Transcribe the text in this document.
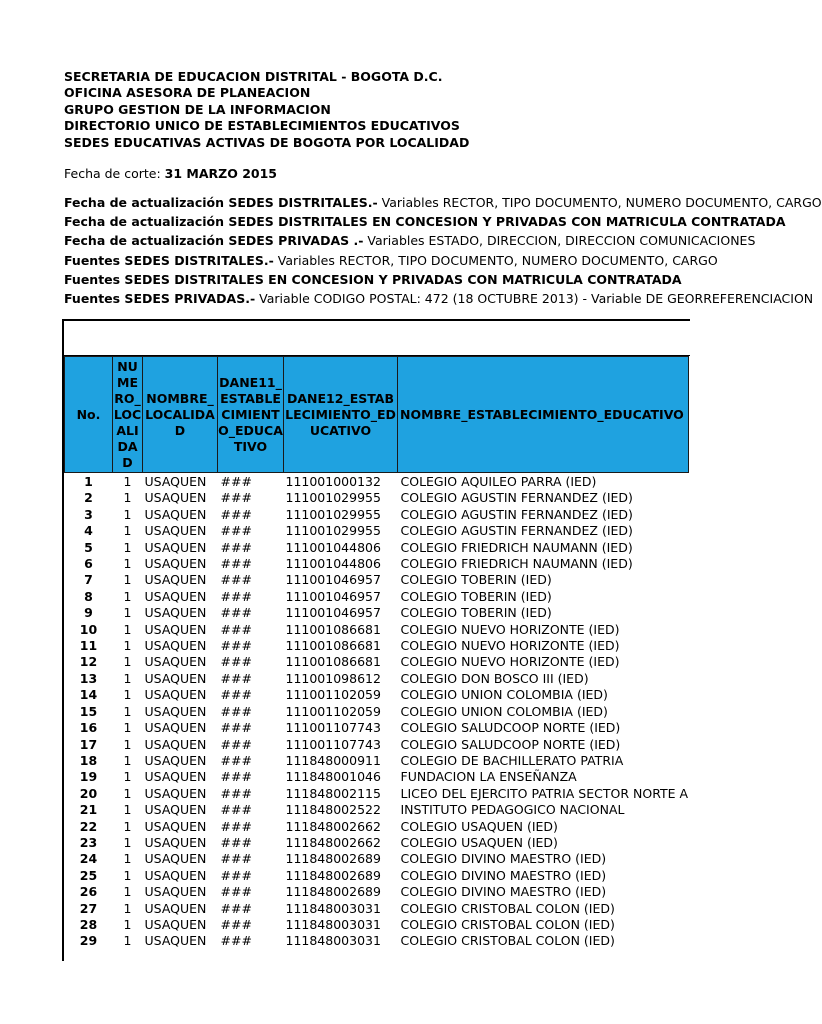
SECRETARIA DE EDUCACION DISTRITAL - BOGOTA D.C.
OFICINA ASESORA DE PLANEACION
GRUPO GESTION DE LA INFORMACION
DIRECTORIO UNICO DE ESTABLECIMIENTOS EDUCATIVOS
SEDES EDUCATIVAS ACTIVAS DE BOGOTA POR LOCALIDAD
Fecha de corte: 31 MARZO 2015
Fecha de actualización SEDES DISTRITALES.- Variables RECTOR, TIPO DOCUMENTO, NUMERO DOCUMENTO, CARGO
Fecha de actualización SEDES DISTRITALES EN CONCESION Y PRIVADAS CON MATRICULA CONTRATADA
Fecha de actualización SEDES PRIVADAS .- Variables ESTADO, DIRECCION, DIRECCION COMUNICACIONES
Fuentes SEDES DISTRITALES.- Variables RECTOR, TIPO DOCUMENTO, NUMERO DOCUMENTO, CARGO
Fuentes SEDES DISTRITALES EN CONCESION Y PRIVADAS CON MATRICULA CONTRATADA
Fuentes SEDES PRIVADAS.- Variable CODIGO POSTAL: 472 (18 OCTUBRE 2013) - Variable DE GEORREFERENCIACION
No.	NUME RO_ LOC ALI DA D	NOMBRE_ LOCALIDA D	DANE11_ ESTABLE CIMIENT O_EDUCA TIVO	DANE12_ESTAB LECIMIENTO_ED UCATIVO	NOMBRE_ESTABLECIMIENTO_EDUCATIVO
1	1	USAQUEN	###	111001000132	COLEGIO AQUILEO PARRA (IED)
2	1	USAQUEN	###	111001029955	COLEGIO AGUSTIN FERNANDEZ (IED)
3	1	USAQUEN	###	111001029955	COLEGIO AGUSTIN FERNANDEZ (IED)
4	1	USAQUEN	###	111001029955	COLEGIO AGUSTIN FERNANDEZ (IED)
5	1	USAQUEN	###	111001044806	COLEGIO FRIEDRICH NAUMANN (IED)
6	1	USAQUEN	###	111001044806	COLEGIO FRIEDRICH NAUMANN (IED)
7	1	USAQUEN	###	111001046957	COLEGIO TOBERIN (IED)
8	1	USAQUEN	###	111001046957	COLEGIO TOBERIN (IED)
9	1	USAQUEN	###	111001046957	COLEGIO TOBERIN (IED)
10	1	USAQUEN	###	111001086681	COLEGIO NUEVO HORIZONTE (IED)
11	1	USAQUEN	###	111001086681	COLEGIO NUEVO HORIZONTE (IED)
12	1	USAQUEN	###	111001086681	COLEGIO NUEVO HORIZONTE (IED)
13	1	USAQUEN	###	111001098612	COLEGIO DON BOSCO III (IED)
14	1	USAQUEN	###	111001102059	COLEGIO UNION COLOMBIA (IED)
15	1	USAQUEN	###	111001102059	COLEGIO UNION COLOMBIA (IED)
16	1	USAQUEN	###	111001107743	COLEGIO SALUDCOOP NORTE (IED)
17	1	USAQUEN	###	111001107743	COLEGIO SALUDCOOP NORTE (IED)
18	1	USAQUEN	###	111848000911	COLEGIO DE BACHILLERATO PATRIA
19	1	USAQUEN	###	111848001046	FUNDACION LA ENSEÑANZA
20	1	USAQUEN	###	111848002115	LICEO DEL EJERCITO PATRIA SECTOR NORTE A
21	1	USAQUEN	###	111848002522	INSTITUTO PEDAGOGICO NACIONAL
22	1	USAQUEN	###	111848002662	COLEGIO USAQUEN (IED)
23	1	USAQUEN	###	111848002662	COLEGIO USAQUEN (IED)
24	1	USAQUEN	###	111848002689	COLEGIO DIVINO MAESTRO (IED)
25	1	USAQUEN	###	111848002689	COLEGIO DIVINO MAESTRO (IED)
26	1	USAQUEN	###	111848002689	COLEGIO DIVINO MAESTRO (IED)
27	1	USAQUEN	###	111848003031	COLEGIO CRISTOBAL COLON (IED)
28	1	USAQUEN	###	111848003031	COLEGIO CRISTOBAL COLON (IED)
29	1	USAQUEN	###	111848003031	COLEGIO CRISTOBAL COLON (IED)
